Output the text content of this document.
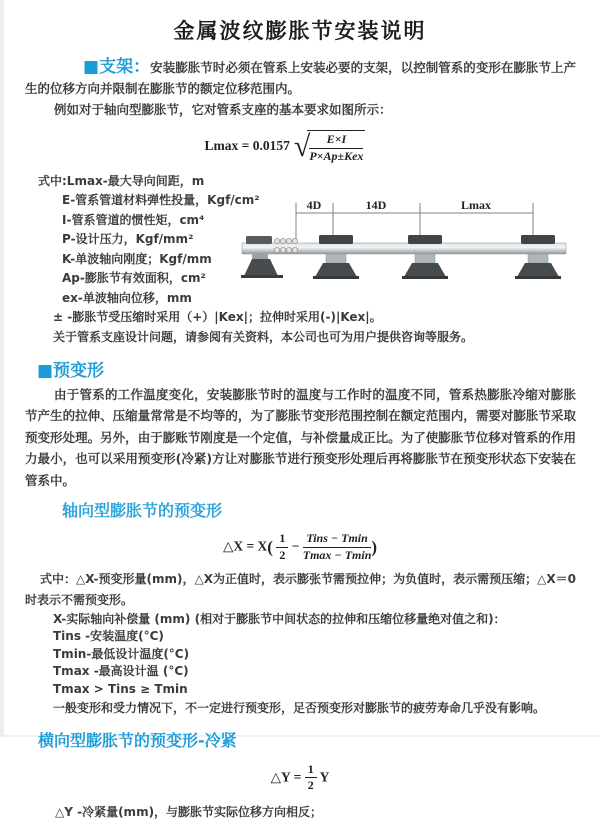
金属波纹膨胀节安装说明

■支架：安装膨胀节时必须在管系上安装必要的支架，以控制管系的变形在膨胀节上产生的位移方向并限制在膨胀节的额定位移范围内。

例如对于轴向型膨胀节，它对管系支座的基本要求如图所示：

Lmax = 0.0157 √ $\frac{E\times I}{\text{P×Ap±Kex}}$
式中:Lmax-最大导向间距，m
E-管系管道材料弹性投量，Kgf/cm²
I-管系管道的惯性矩，cm⁴
P-设计压力，Kgf/mm²
K-单波轴向刚度；Kgf/mm
Ap-膨胀节有效面积，cm²
ex-单波轴向位移，mm
± -膨胀节受压缩时采用（+）|Kex|；拉伸时采用(-)|Kex|。
关于管系支座设计问题，请参阅有关资料，本公司也可为用户提供咨询等服务。
4D	14D	Lmax
■预变形

由于管系的工作温度变化，安装膨胀节时的温度与工作时的温度不同，管系热膨胀冷缩对膨胀节产生的拉伸、压缩量常常是不均等的，为了膨胀节变形范围控制在额定范围内，需要对膨胀节采取预变形处理。另外，由于膨账节刚度是一个定值，与补偿量成正比。为了使膨胀节位移对管系的作用力最小，也可以采用预变形(冷紧)方让对膨胀节进行预变形处理后再将膨胀节在预变形状态下安装在管系中。

轴向型膨胀节的预变形
△X = $X( \frac{1}{2} - \frac{\text{Tins − Tmin}}{Tmax - Tmin}$ )

式中：△X-预变形量(mm)，△X为正值时，表示膨张节需预拉伸；为负值时，表示需预压缩；△X＝0时表示不需预变形。

X-实际轴向补偿量 (mm) (相对于膨胀节中间状态的拉伸和压缩位移量绝对值之和)：
Tins -安装温度(°C)
Tmin-最低设计温度(°C)
Tmax -最高设计温 (°C)
Tmax > Tins ≥ Tmin
一般变形和受力情况下，不一定进行预变形，足否预变形对膨胀节的疲劳寿命几乎没有影响。
横向型膨胀节的预变形-冷紧
△Y = $\frac{1}{2}$ Y
△Y -冷紧量(mm)，与膨胀节实际位移方向相反；
